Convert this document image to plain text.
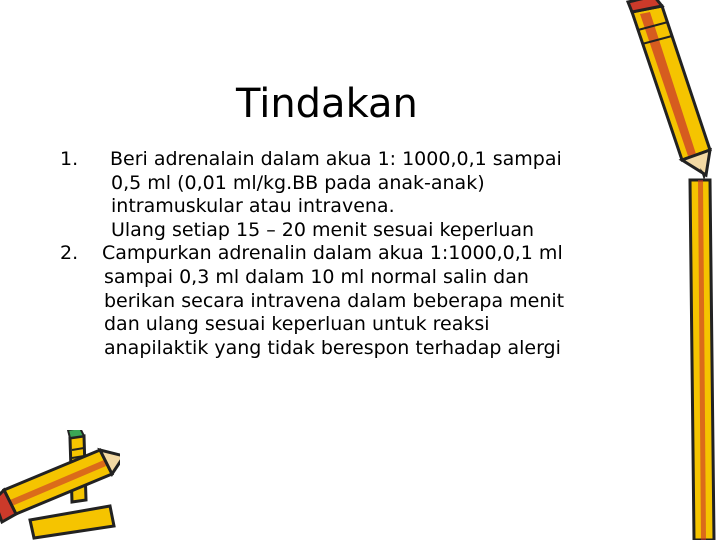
Tindakan
1. Beri adrenalain dalam akua 1: 1000,0,1 sampai
0,5 ml (0,01 ml/kg.BB pada anak-anak)
intramuskular atau intravena.
Ulang setiap 15 – 20 menit sesuai keperluan
2. Campurkan adrenalin dalam akua 1:1000,0,1 ml
sampai 0,3 ml dalam 10 ml normal salin dan
berikan secara intravena dalam beberapa menit
dan ulang sesuai keperluan untuk reaksi
anapilaktik yang tidak berespon terhadap alergi
